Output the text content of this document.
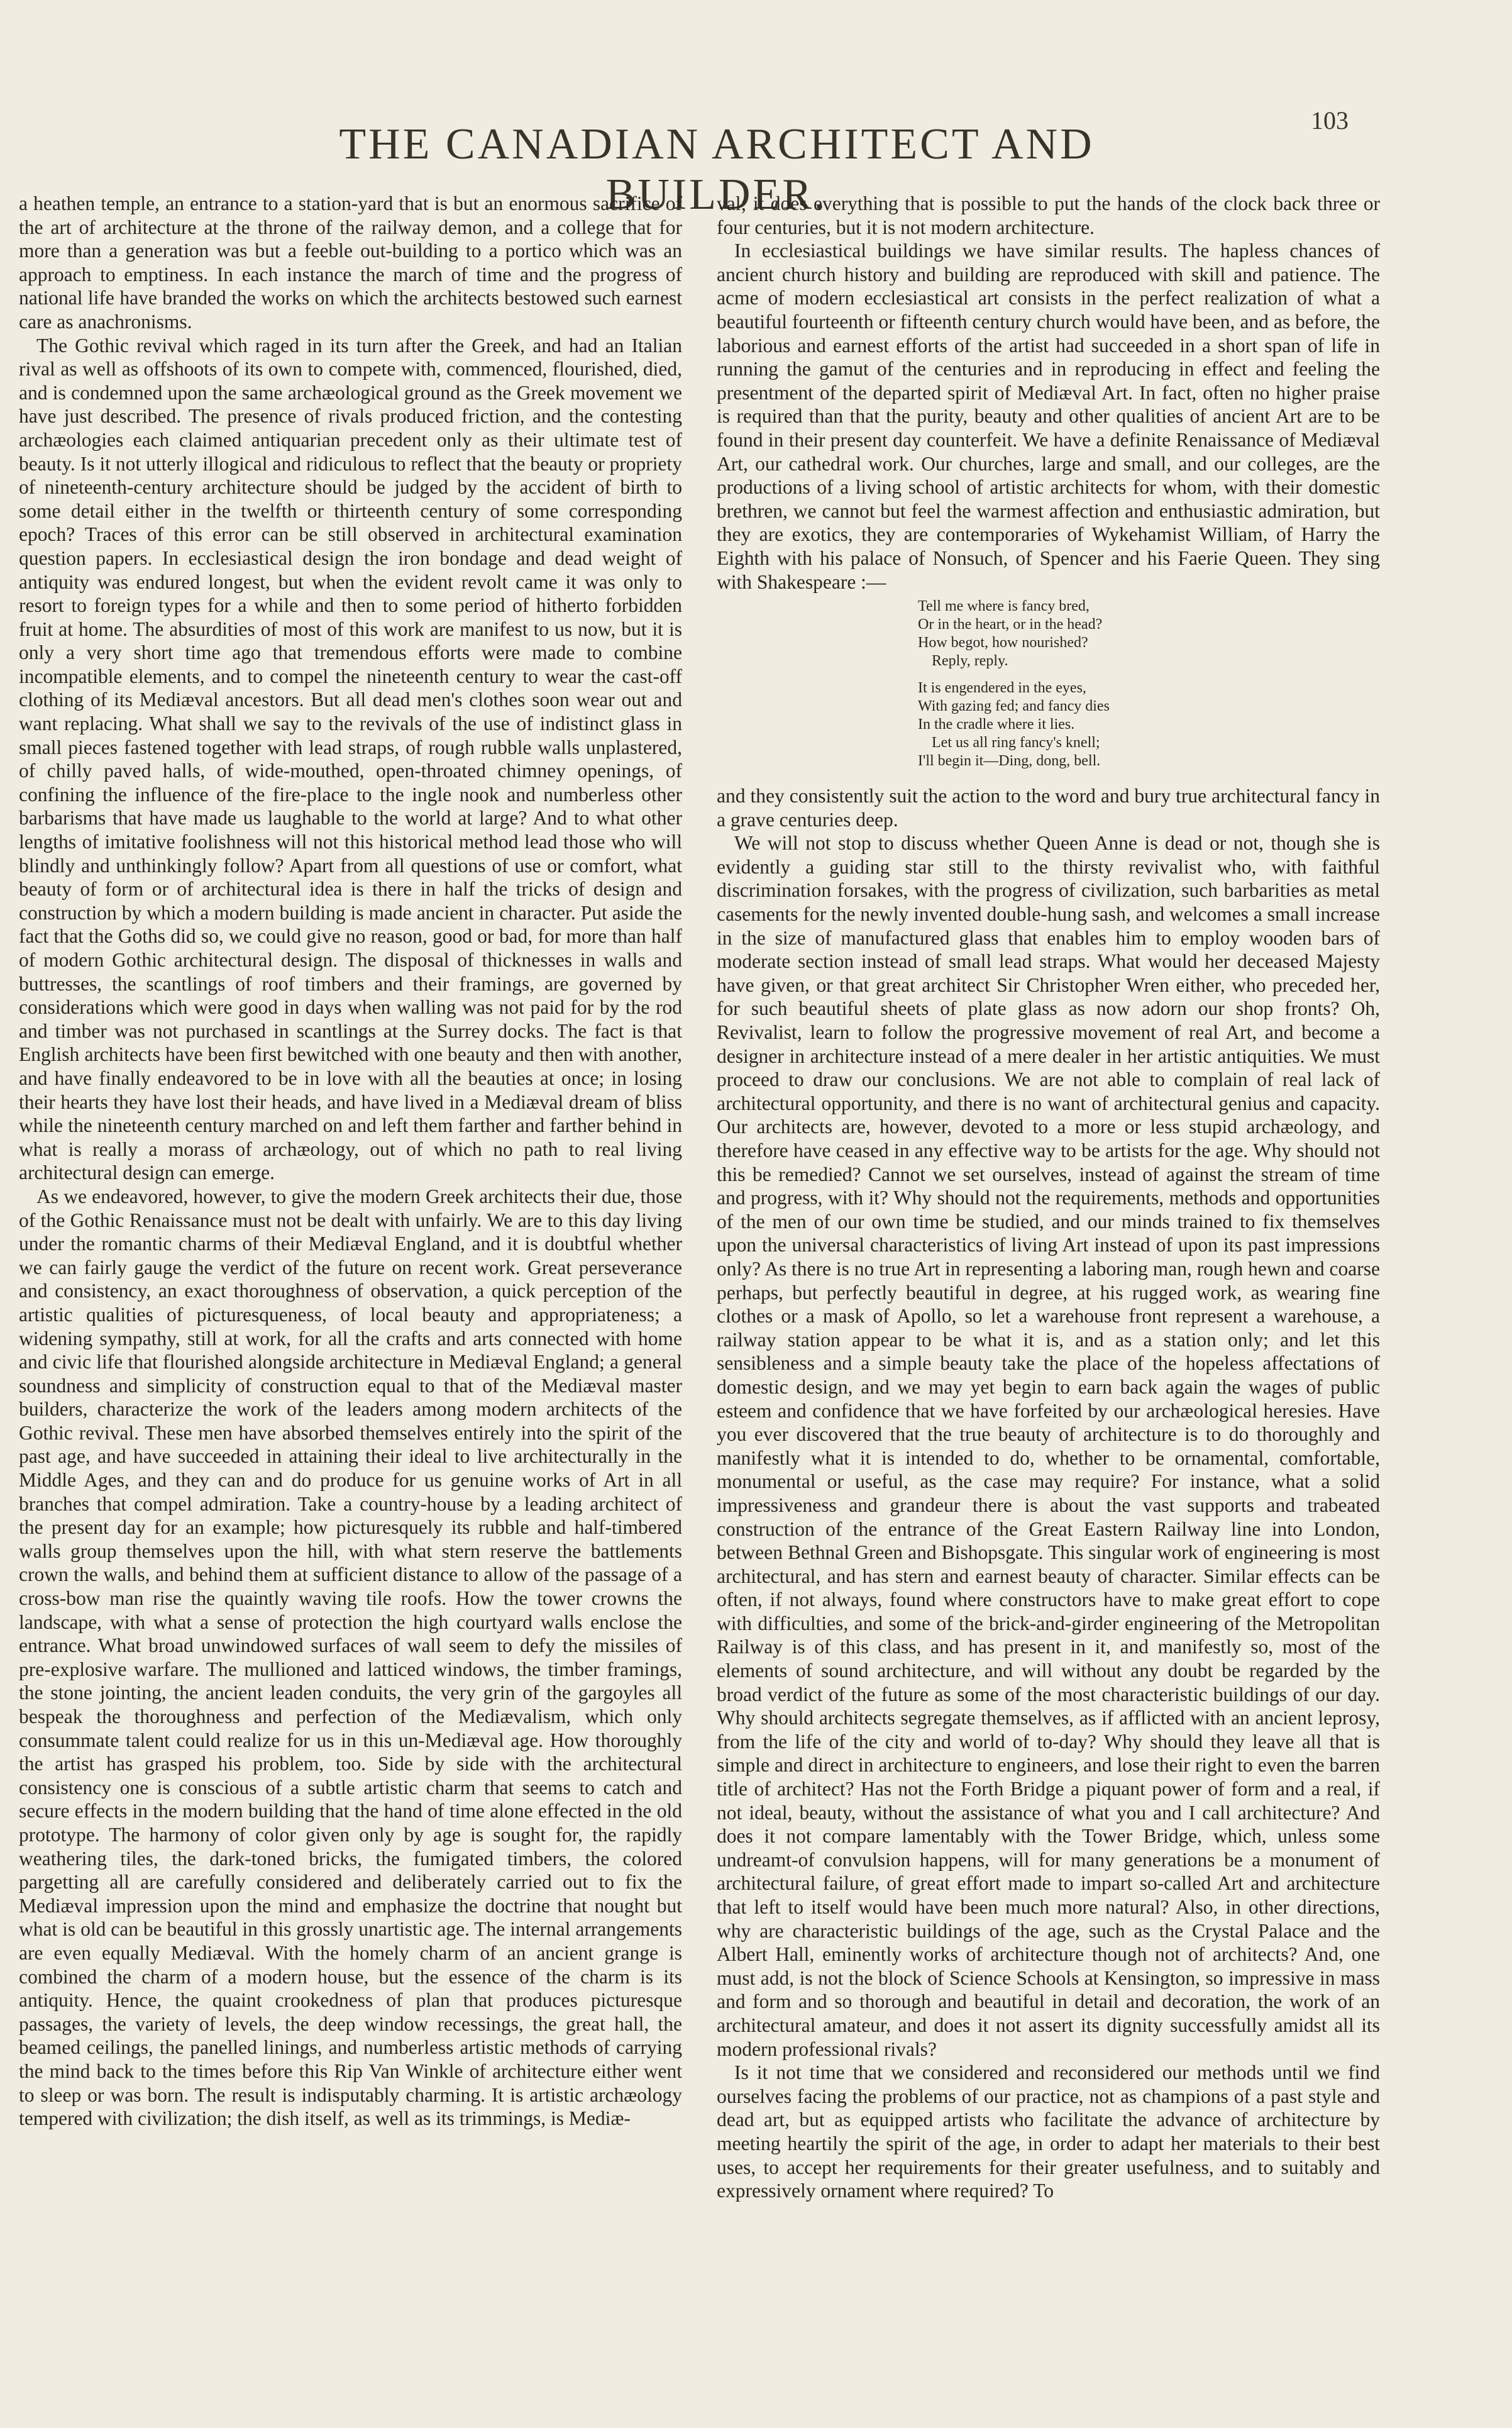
THE CANADIAN ARCHITECT AND BUILDER.
103

a heathen temple, an entrance to a station-yard that is but an enormous sacrifice of the art of architecture at the throne of the railway demon, and a college that for more than a generation was but a feeble out-building to a portico which was an approach to emptiness. In each instance the march of time and the progress of national life have branded the works on which the architects bestowed such earnest care as anachronisms.

The Gothic revival which raged in its turn after the Greek, and had an Italian rival as well as offshoots of its own to compete with, commenced, flourished, died, and is condemned upon the same archæological ground as the Greek movement we have just described. The presence of rivals produced friction, and the contesting archæologies each claimed antiquarian precedent only as their ultimate test of beauty. Is it not utterly illogical and ridiculous to reflect that the beauty or propriety of nineteenth-century architecture should be judged by the accident of birth to some detail either in the twelfth or thirteenth century of some corresponding epoch? Traces of this error can be still observed in architectural examination question papers. In ecclesiastical design the iron bondage and dead weight of antiquity was endured longest, but when the evident revolt came it was only to resort to foreign types for a while and then to some period of hitherto forbidden fruit at home. The absurdities of most of this work are manifest to us now, but it is only a very short time ago that tremendous efforts were made to combine incompatible elements, and to compel the nineteenth century to wear the cast-off clothing of its Mediæval ancestors. But all dead men's clothes soon wear out and want replacing. What shall we say to the revivals of the use of indistinct glass in small pieces fastened together with lead straps, of rough rubble walls unplastered, of chilly paved halls, of wide-mouthed, open-throated chimney openings, of confining the influence of the fire-place to the ingle nook and numberless other barbarisms that have made us laughable to the world at large? And to what other lengths of imitative foolishness will not this historical method lead those who will blindly and unthinkingly follow? Apart from all questions of use or comfort, what beauty of form or of architectural idea is there in half the tricks of design and construction by which a modern building is made ancient in character. Put aside the fact that the Goths did so, we could give no reason, good or bad, for more than half of modern Gothic architectural design. The disposal of thicknesses in walls and buttresses, the scantlings of roof timbers and their framings, are governed by considerations which were good in days when walling was not paid for by the rod and timber was not purchased in scantlings at the Surrey docks. The fact is that English architects have been first bewitched with one beauty and then with another, and have finally endeavored to be in love with all the beauties at once; in losing their hearts they have lost their heads, and have lived in a Mediæval dream of bliss while the nineteenth century marched on and left them farther and farther behind in what is really a morass of archæology, out of which no path to real living architectural design can emerge.

As we endeavored, however, to give the modern Greek architects their due, those of the Gothic Renaissance must not be dealt with unfairly. We are to this day living under the romantic charms of their Mediæval England, and it is doubtful whether we can fairly gauge the verdict of the future on recent work. Great perseverance and consistency, an exact thoroughness of observation, a quick perception of the artistic qualities of picturesqueness, of local beauty and appropriateness; a widening sympathy, still at work, for all the crafts and arts connected with home and civic life that flourished alongside architecture in Mediæval England; a general soundness and simplicity of construction equal to that of the Mediæval master builders, characterize the work of the leaders among modern architects of the Gothic revival. These men have absorbed themselves entirely into the spirit of the past age, and have succeeded in attaining their ideal to live architecturally in the Middle Ages, and they can and do produce for us genuine works of Art in all branches that compel admiration. Take a country-house by a leading architect of the present day for an example; how picturesquely its rubble and half-timbered walls group themselves upon the hill, with what stern reserve the battlements crown the walls, and behind them at sufficient distance to allow of the passage of a cross-bow man rise the quaintly waving tile roofs. How the tower crowns the landscape, with what a sense of protection the high courtyard walls enclose the entrance. What broad unwindowed surfaces of wall seem to defy the missiles of pre-explosive warfare. The mullioned and latticed windows, the timber framings, the stone jointing, the ancient leaden conduits, the very grin of the gargoyles all bespeak the thoroughness and perfection of the Mediævalism, which only consummate talent could realize for us in this un-Mediæval age. How thoroughly the artist has grasped his problem, too. Side by side with the architectural consistency one is conscious of a subtle artistic charm that seems to catch and secure effects in the modern building that the hand of time alone effected in the old prototype. The harmony of color given only by age is sought for, the rapidly weathering tiles, the dark-toned bricks, the fumigated timbers, the colored pargetting all are carefully considered and deliberately carried out to fix the Mediæval impression upon the mind and emphasize the doctrine that nought but what is old can be beautiful in this grossly unartistic age. The internal arrangements are even equally Mediæval. With the homely charm of an ancient grange is combined the charm of a modern house, but the essence of the charm is its antiquity. Hence, the quaint crookedness of plan that produces picturesque passages, the variety of levels, the deep window recessings, the great hall, the beamed ceilings, the panelled linings, and numberless artistic methods of carrying the mind back to the times before this Rip Van Winkle of architecture either went to sleep or was born. The result is indisputably charming. It is artistic archæology tempered with civilization; the dish itself, as well as its trimmings, is Mediæ-

val; it does everything that is possible to put the hands of the clock back three or four centuries, but it is not modern architecture.

In ecclesiastical buildings we have similar results. The hapless chances of ancient church history and building are reproduced with skill and patience. The acme of modern ecclesiastical art consists in the perfect realization of what a beautiful fourteenth or fifteenth century church would have been, and as before, the laborious and earnest efforts of the artist had succeeded in a short span of life in running the gamut of the centuries and in reproducing in effect and feeling the presentment of the departed spirit of Mediæval Art. In fact, often no higher praise is required than that the purity, beauty and other qualities of ancient Art are to be found in their present day counterfeit. We have a definite Renaissance of Mediæval Art, our cathedral work. Our churches, large and small, and our colleges, are the productions of a living school of artistic architects for whom, with their domestic brethren, we cannot but feel the warmest affection and enthusiastic admiration, but they are exotics, they are contemporaries of Wykehamist William, of Harry the Eighth with his palace of Nonsuch, of Spencer and his Faerie Queen. They sing with Shakespeare :—

Tell me where is fancy bred,
Or in the heart, or in the head?
How begot, how nourished?
Reply, reply.
It is engendered in the eyes,
With gazing fed; and fancy dies
In the cradle where it lies.
Let us all ring fancy's knell;
I'll begin it—Ding, dong, bell.

and they consistently suit the action to the word and bury true architectural fancy in a grave centuries deep.

We will not stop to discuss whether Queen Anne is dead or not, though she is evidently a guiding star still to the thirsty revivalist who, with faithful discrimination forsakes, with the progress of civilization, such barbarities as metal casements for the newly invented double-hung sash, and welcomes a small increase in the size of manufactured glass that enables him to employ wooden bars of moderate section instead of small lead straps. What would her deceased Majesty have given, or that great architect Sir Christopher Wren either, who preceded her, for such beautiful sheets of plate glass as now adorn our shop fronts? Oh, Revivalist, learn to follow the progressive movement of real Art, and become a designer in architecture instead of a mere dealer in her artistic antiquities. We must proceed to draw our conclusions. We are not able to complain of real lack of architectural opportunity, and there is no want of architectural genius and capacity. Our architects are, however, devoted to a more or less stupid archæology, and therefore have ceased in any effective way to be artists for the age. Why should not this be remedied? Cannot we set ourselves, instead of against the stream of time and progress, with it? Why should not the requirements, methods and opportunities of the men of our own time be studied, and our minds trained to fix themselves upon the universal characteristics of living Art instead of upon its past impressions only? As there is no true Art in representing a laboring man, rough hewn and coarse perhaps, but perfectly beautiful in degree, at his rugged work, as wearing fine clothes or a mask of Apollo, so let a warehouse front represent a warehouse, a railway station appear to be what it is, and as a station only; and let this sensibleness and a simple beauty take the place of the hopeless affectations of domestic design, and we may yet begin to earn back again the wages of public esteem and confidence that we have forfeited by our archæological heresies. Have you ever discovered that the true beauty of architecture is to do thoroughly and manifestly what it is intended to do, whether to be ornamental, comfortable, monumental or useful, as the case may require? For instance, what a solid impressiveness and grandeur there is about the vast supports and trabeated construction of the entrance of the Great Eastern Railway line into London, between Bethnal Green and Bishopsgate. This singular work of engineering is most architectural, and has stern and earnest beauty of character. Similar effects can be often, if not always, found where constructors have to make great effort to cope with difficulties, and some of the brick-and-girder engineering of the Metropolitan Railway is of this class, and has present in it, and manifestly so, most of the elements of sound architecture, and will without any doubt be regarded by the broad verdict of the future as some of the most characteristic buildings of our day. Why should architects segregate themselves, as if afflicted with an ancient leprosy, from the life of the city and world of to-day? Why should they leave all that is simple and direct in architecture to engineers, and lose their right to even the barren title of architect? Has not the Forth Bridge a piquant power of form and a real, if not ideal, beauty, without the assistance of what you and I call architecture? And does it not compare lamentably with the Tower Bridge, which, unless some undreamt-of convulsion happens, will for many generations be a monument of architectural failure, of great effort made to impart so-called Art and architecture that left to itself would have been much more natural? Also, in other directions, why are characteristic buildings of the age, such as the Crystal Palace and the Albert Hall, eminently works of architecture though not of architects? And, one must add, is not the block of Science Schools at Kensington, so impressive in mass and form and so thorough and beautiful in detail and decoration, the work of an architectural amateur, and does it not assert its dignity successfully amidst all its modern professional rivals?

Is it not time that we considered and reconsidered our methods until we find ourselves facing the problems of our practice, not as champions of a past style and dead art, but as equipped artists who facilitate the advance of architecture by meeting heartily the spirit of the age, in order to adapt her materials to their best uses, to accept her requirements for their greater usefulness, and to suitably and expressively ornament where required? To
